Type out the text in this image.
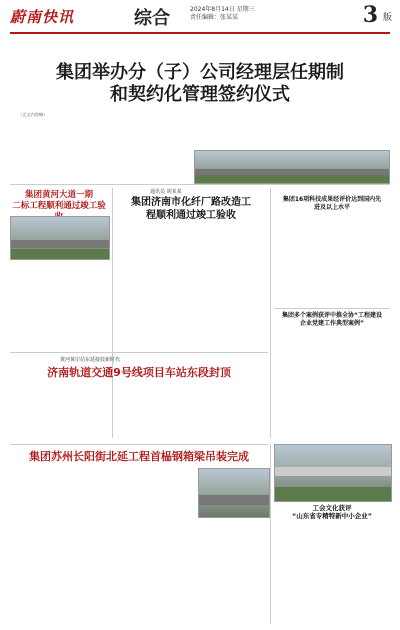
蔚南快讯	综合	2024年8月14日 星期三
责任编辑：张某某	3 版
集团举办分（子）公司经理层任期制
和契约化管理签约仪式

（正文内容略）

集团黄河大道一期
二标工程顺利通过竣工验
通讯员 胡某某
集团济南市化纤厂路改造工
程顺利通过竣工验收
集团16项科技成果经评价达到国内先
进及以上水平
黄河黄岸站东延接驳新时代
济南轨道交通9号线项目车站东段封顶
集团多个案例获评中推全协“工程建设
企业党建工作典型案例”
集团苏州长阳街北延工程首榀钢箱梁吊装完成
工会文化获评
“山东省专精特新中小企业”
